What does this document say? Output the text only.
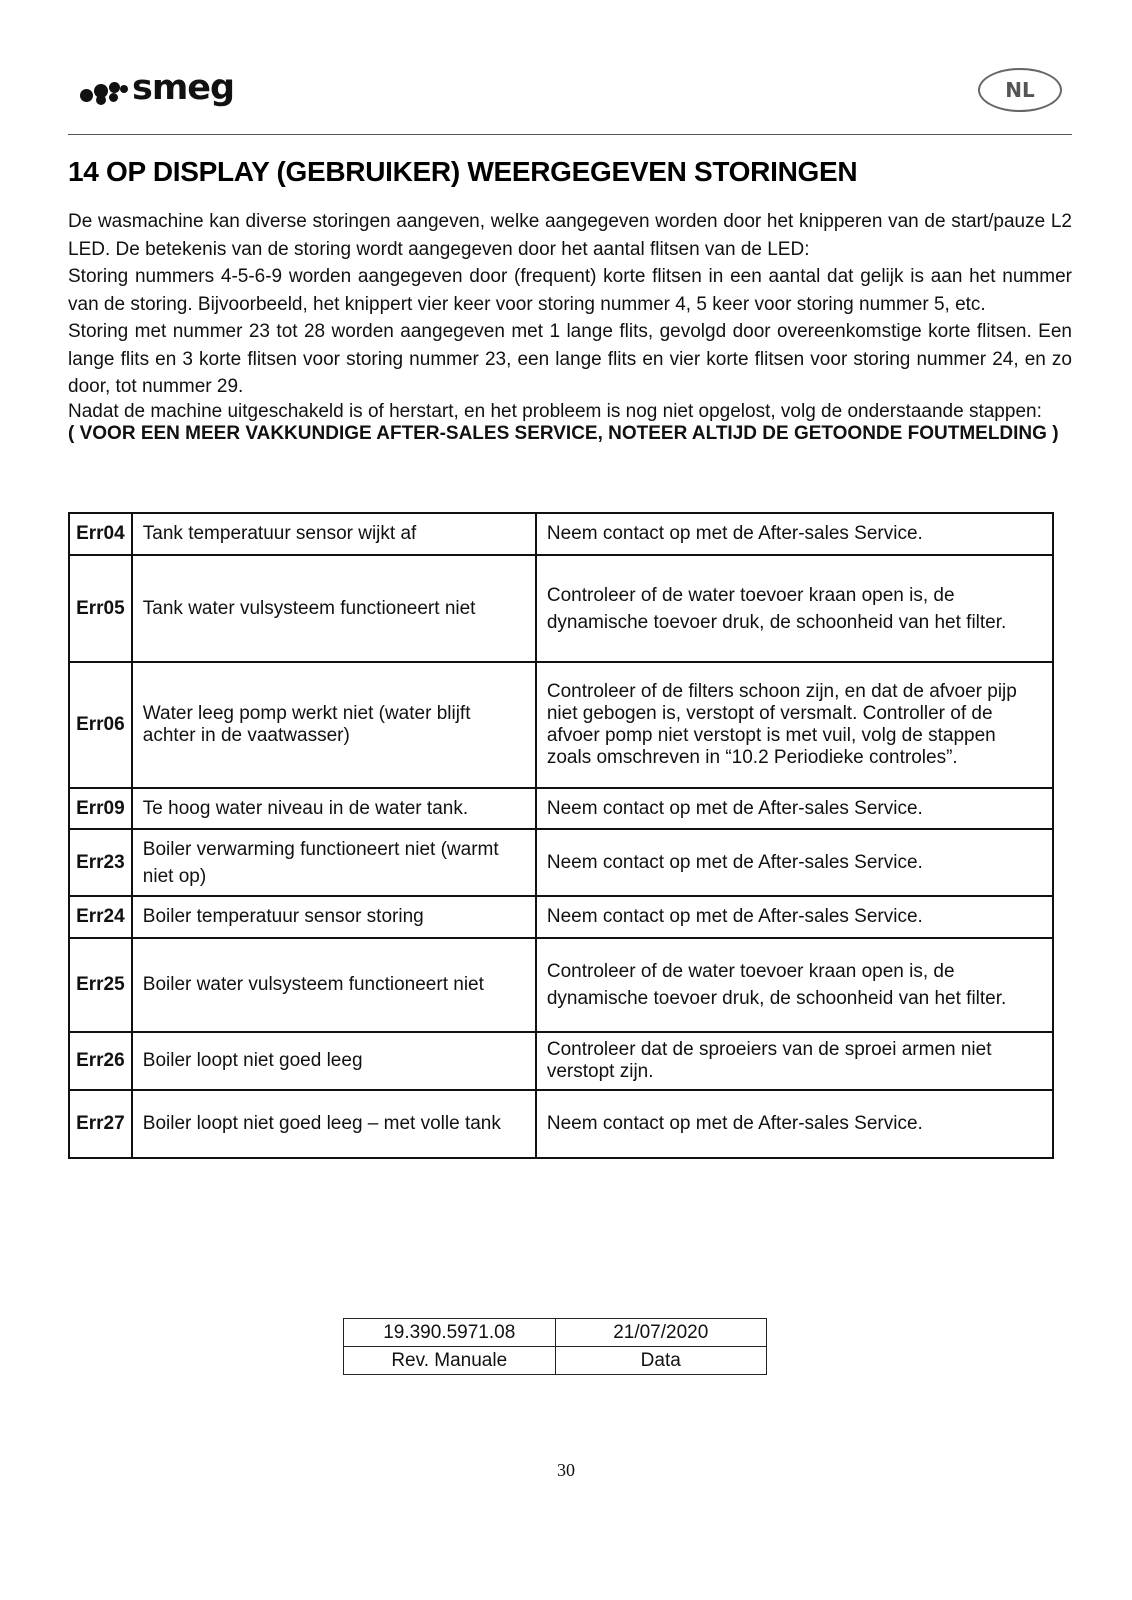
smeg	NL
14 OP DISPLAY (GEBRUIKER) WEERGEGEVEN STORINGEN

De wasmachine kan diverse storingen aangeven, welke aangegeven worden door het knipperen van de start/pauze L2 LED. De betekenis van de storing wordt aangegeven door het aantal flitsen van de LED:

Storing nummers 4-5-6-9 worden aangegeven door (frequent) korte flitsen in een aantal dat gelijk is aan het nummer van de storing. Bijvoorbeeld, het knippert vier keer voor storing nummer 4, 5 keer voor storing nummer 5, etc.

Storing met nummer 23 tot 28 worden aangegeven met 1 lange flits, gevolgd door overeenkomstige korte flitsen. Een lange flits en 3 korte flitsen voor storing nummer 23, een lange flits en vier korte flitsen voor storing nummer 24, en zo door, tot nummer 29.

Nadat de machine uitgeschakeld is of herstart, en het probleem is nog niet opgelost, volg de onderstaande stappen:

( VOOR EEN MEER VAKKUNDIGE AFTER-SALES SERVICE, NOTEER ALTIJD DE GETOONDE FOUTMELDING )

Err04	Tank temperatuur sensor wijkt af	Neem contact op met de After-sales Service.
Err05	Tank water vulsysteem functioneert niet	Controleer of de water toevoer kraan open is, de dynamische toevoer druk, de schoonheid van het filter.
Err06	Water leeg pomp werkt niet (water blijft achter in de vaatwasser)	Controleer of de filters schoon zijn, en dat de afvoer pijp niet gebogen is, verstopt of versmalt. Controller of de afvoer pomp niet verstopt is met vuil, volg de stappen zoals omschreven in “10.2 Periodieke controles”.
Err09	Te hoog water niveau in de water tank.	Neem contact op met de After-sales Service.
Err23	Boiler verwarming functioneert niet (warmt niet op)	Neem contact op met de After-sales Service.
Err24	Boiler temperatuur sensor storing	Neem contact op met de After-sales Service.
Err25	Boiler water vulsysteem functioneert niet	Controleer of de water toevoer kraan open is, de dynamische toevoer druk, de schoonheid van het filter.
Err26	Boiler loopt niet goed leeg	Controleer dat de sproeiers van de sproei armen niet verstopt zijn.
Err27	Boiler loopt niet goed leeg – met volle tank	Neem contact op met de After-sales Service.
19.390.5971.08	21/07/2020
Rev. Manuale	Data
30
